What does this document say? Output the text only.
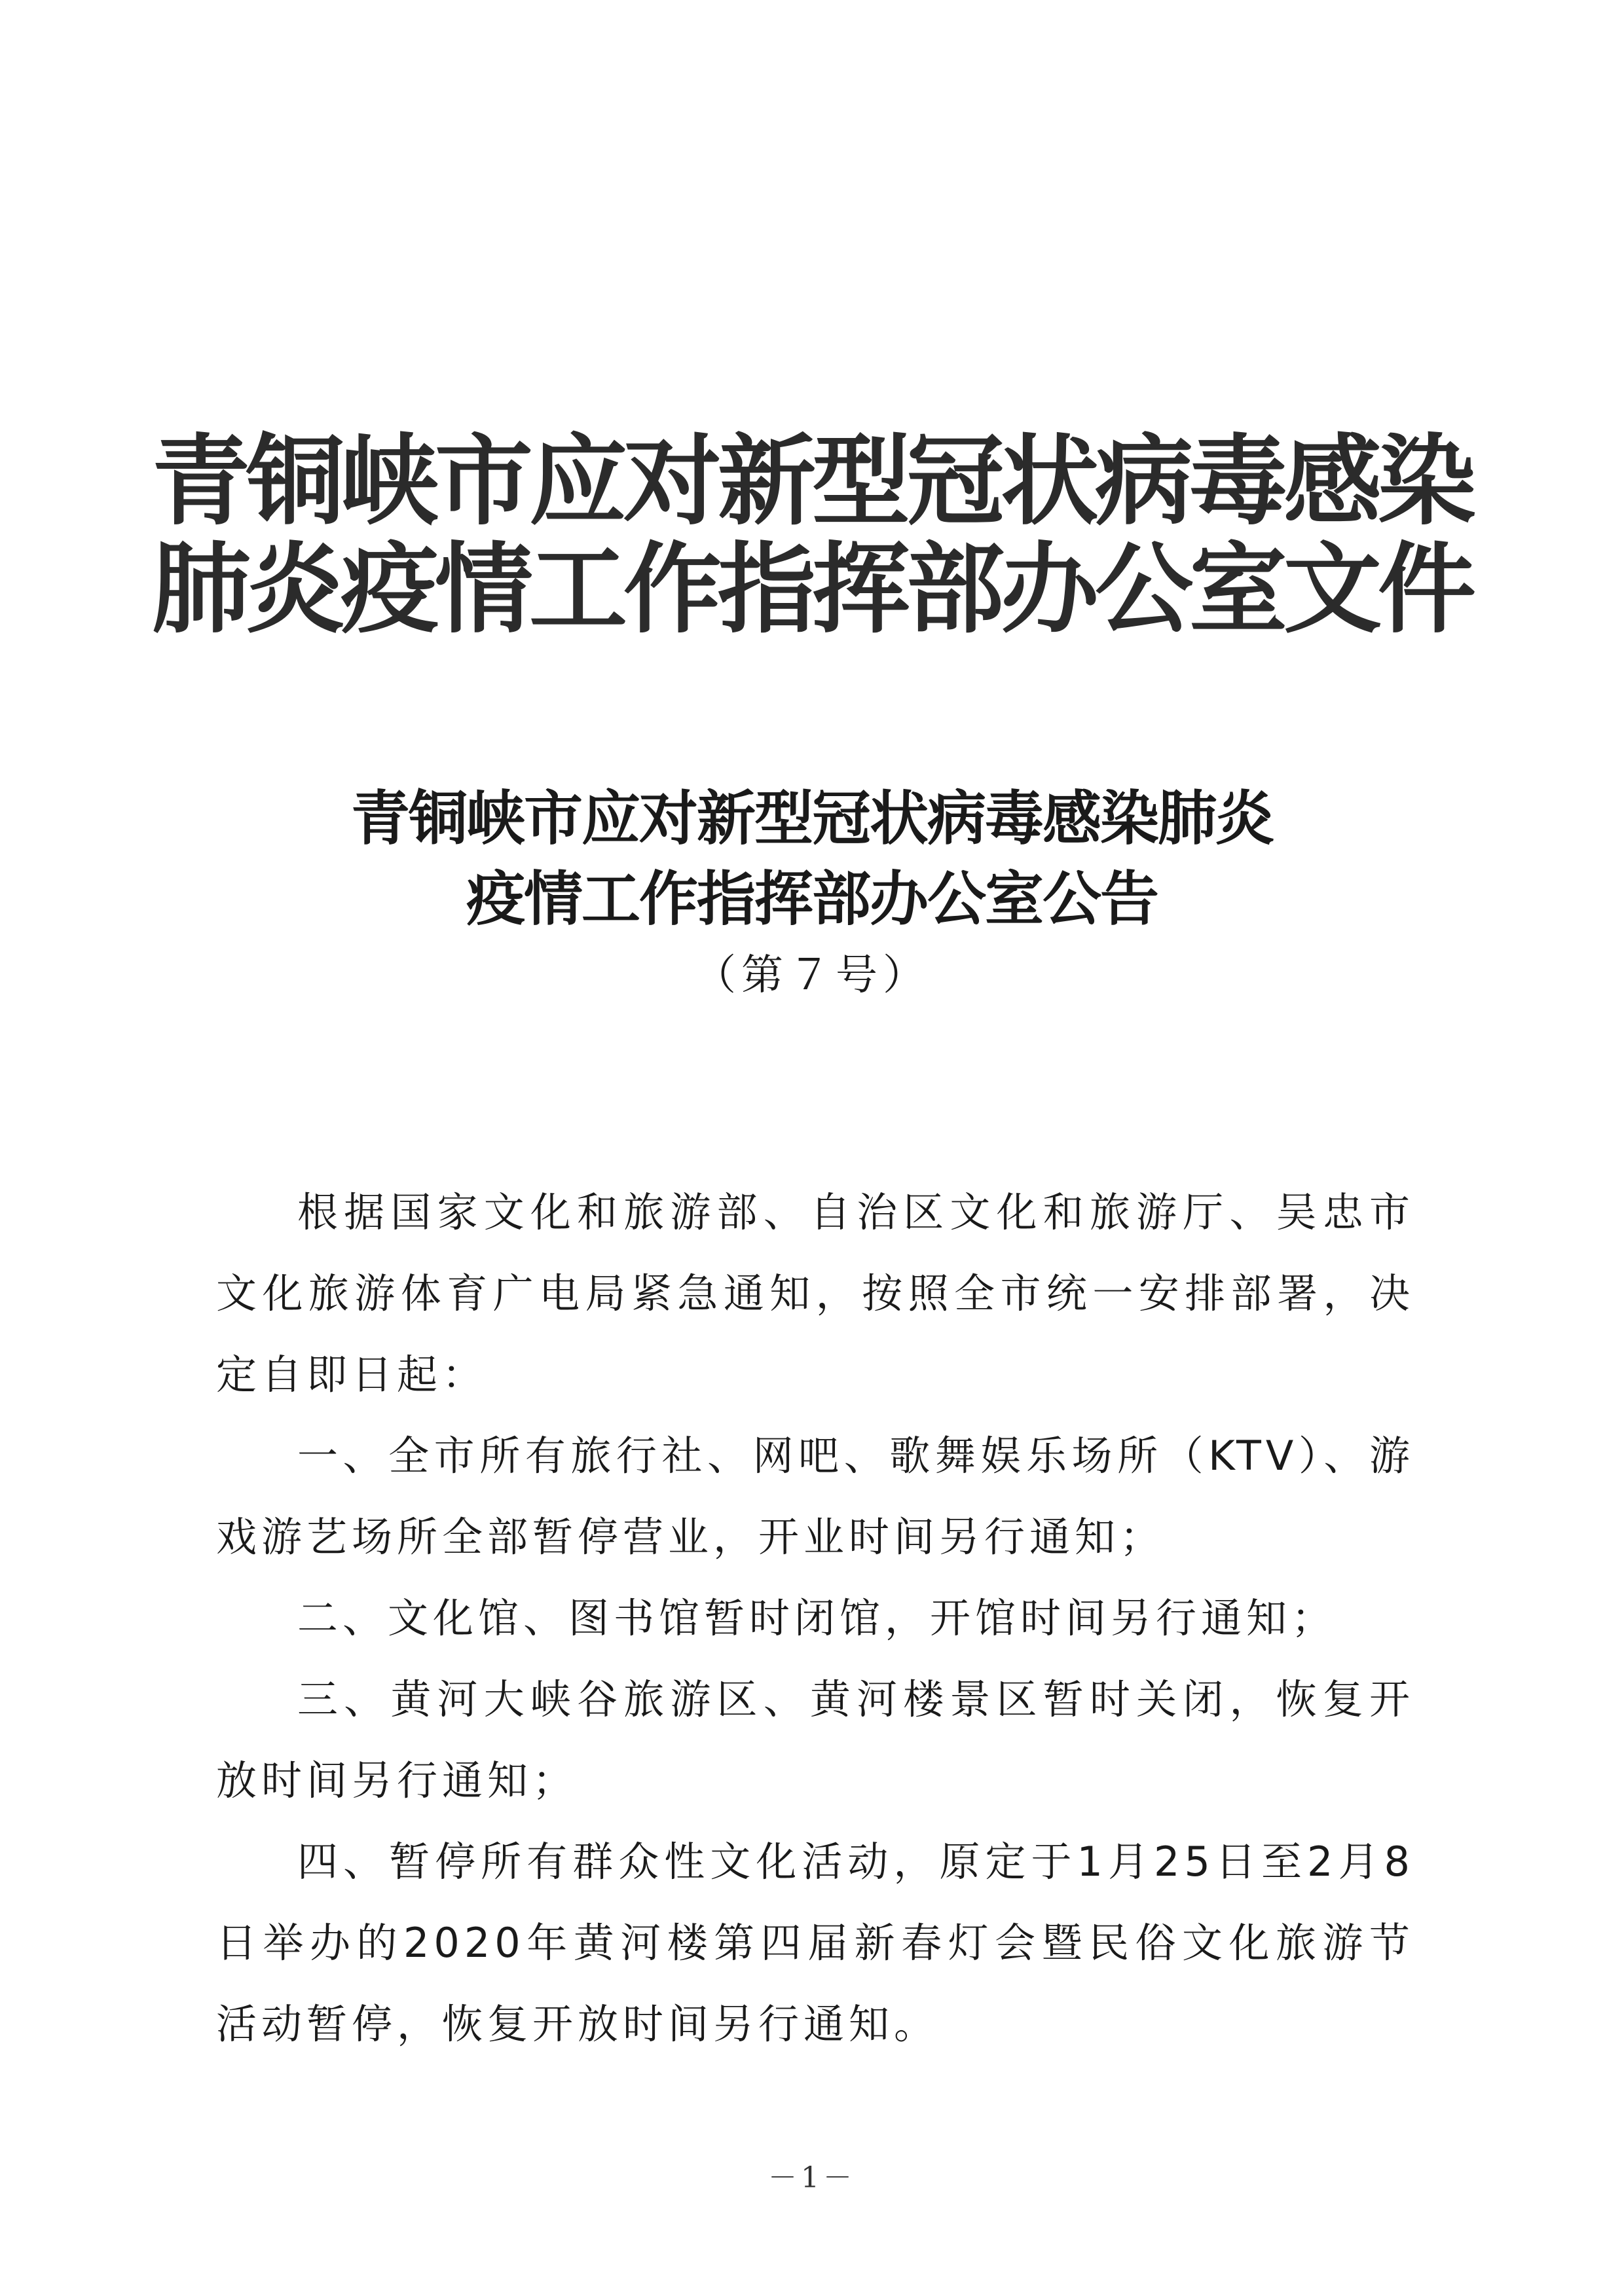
青铜峡市应对新型冠状病毒感染
肺炎疫情工作指挥部办公室文件
青铜峡市应对新型冠状病毒感染肺炎
疫情工作指挥部办公室公告
（第７号）

根据国家文化和旅游部、自治区文化和旅游厅、吴忠市文化旅游体育广电局紧急通知，按照全市统一安排部署，决定自即日起：

一、全市所有旅行社、网吧、歌舞娱乐场所（KTV）、游戏游艺场所全部暂停营业，开业时间另行通知；

二、文化馆、图书馆暂时闭馆，开馆时间另行通知；

三、黄河大峡谷旅游区、黄河楼景区暂时关闭，恢复开放时间另行通知；

四、暂停所有群众性文化活动，原定于1月25日至2月8日举办的2020年黄河楼第四届新春灯会暨民俗文化旅游节活动暂停，恢复开放时间另行通知。

－1－
